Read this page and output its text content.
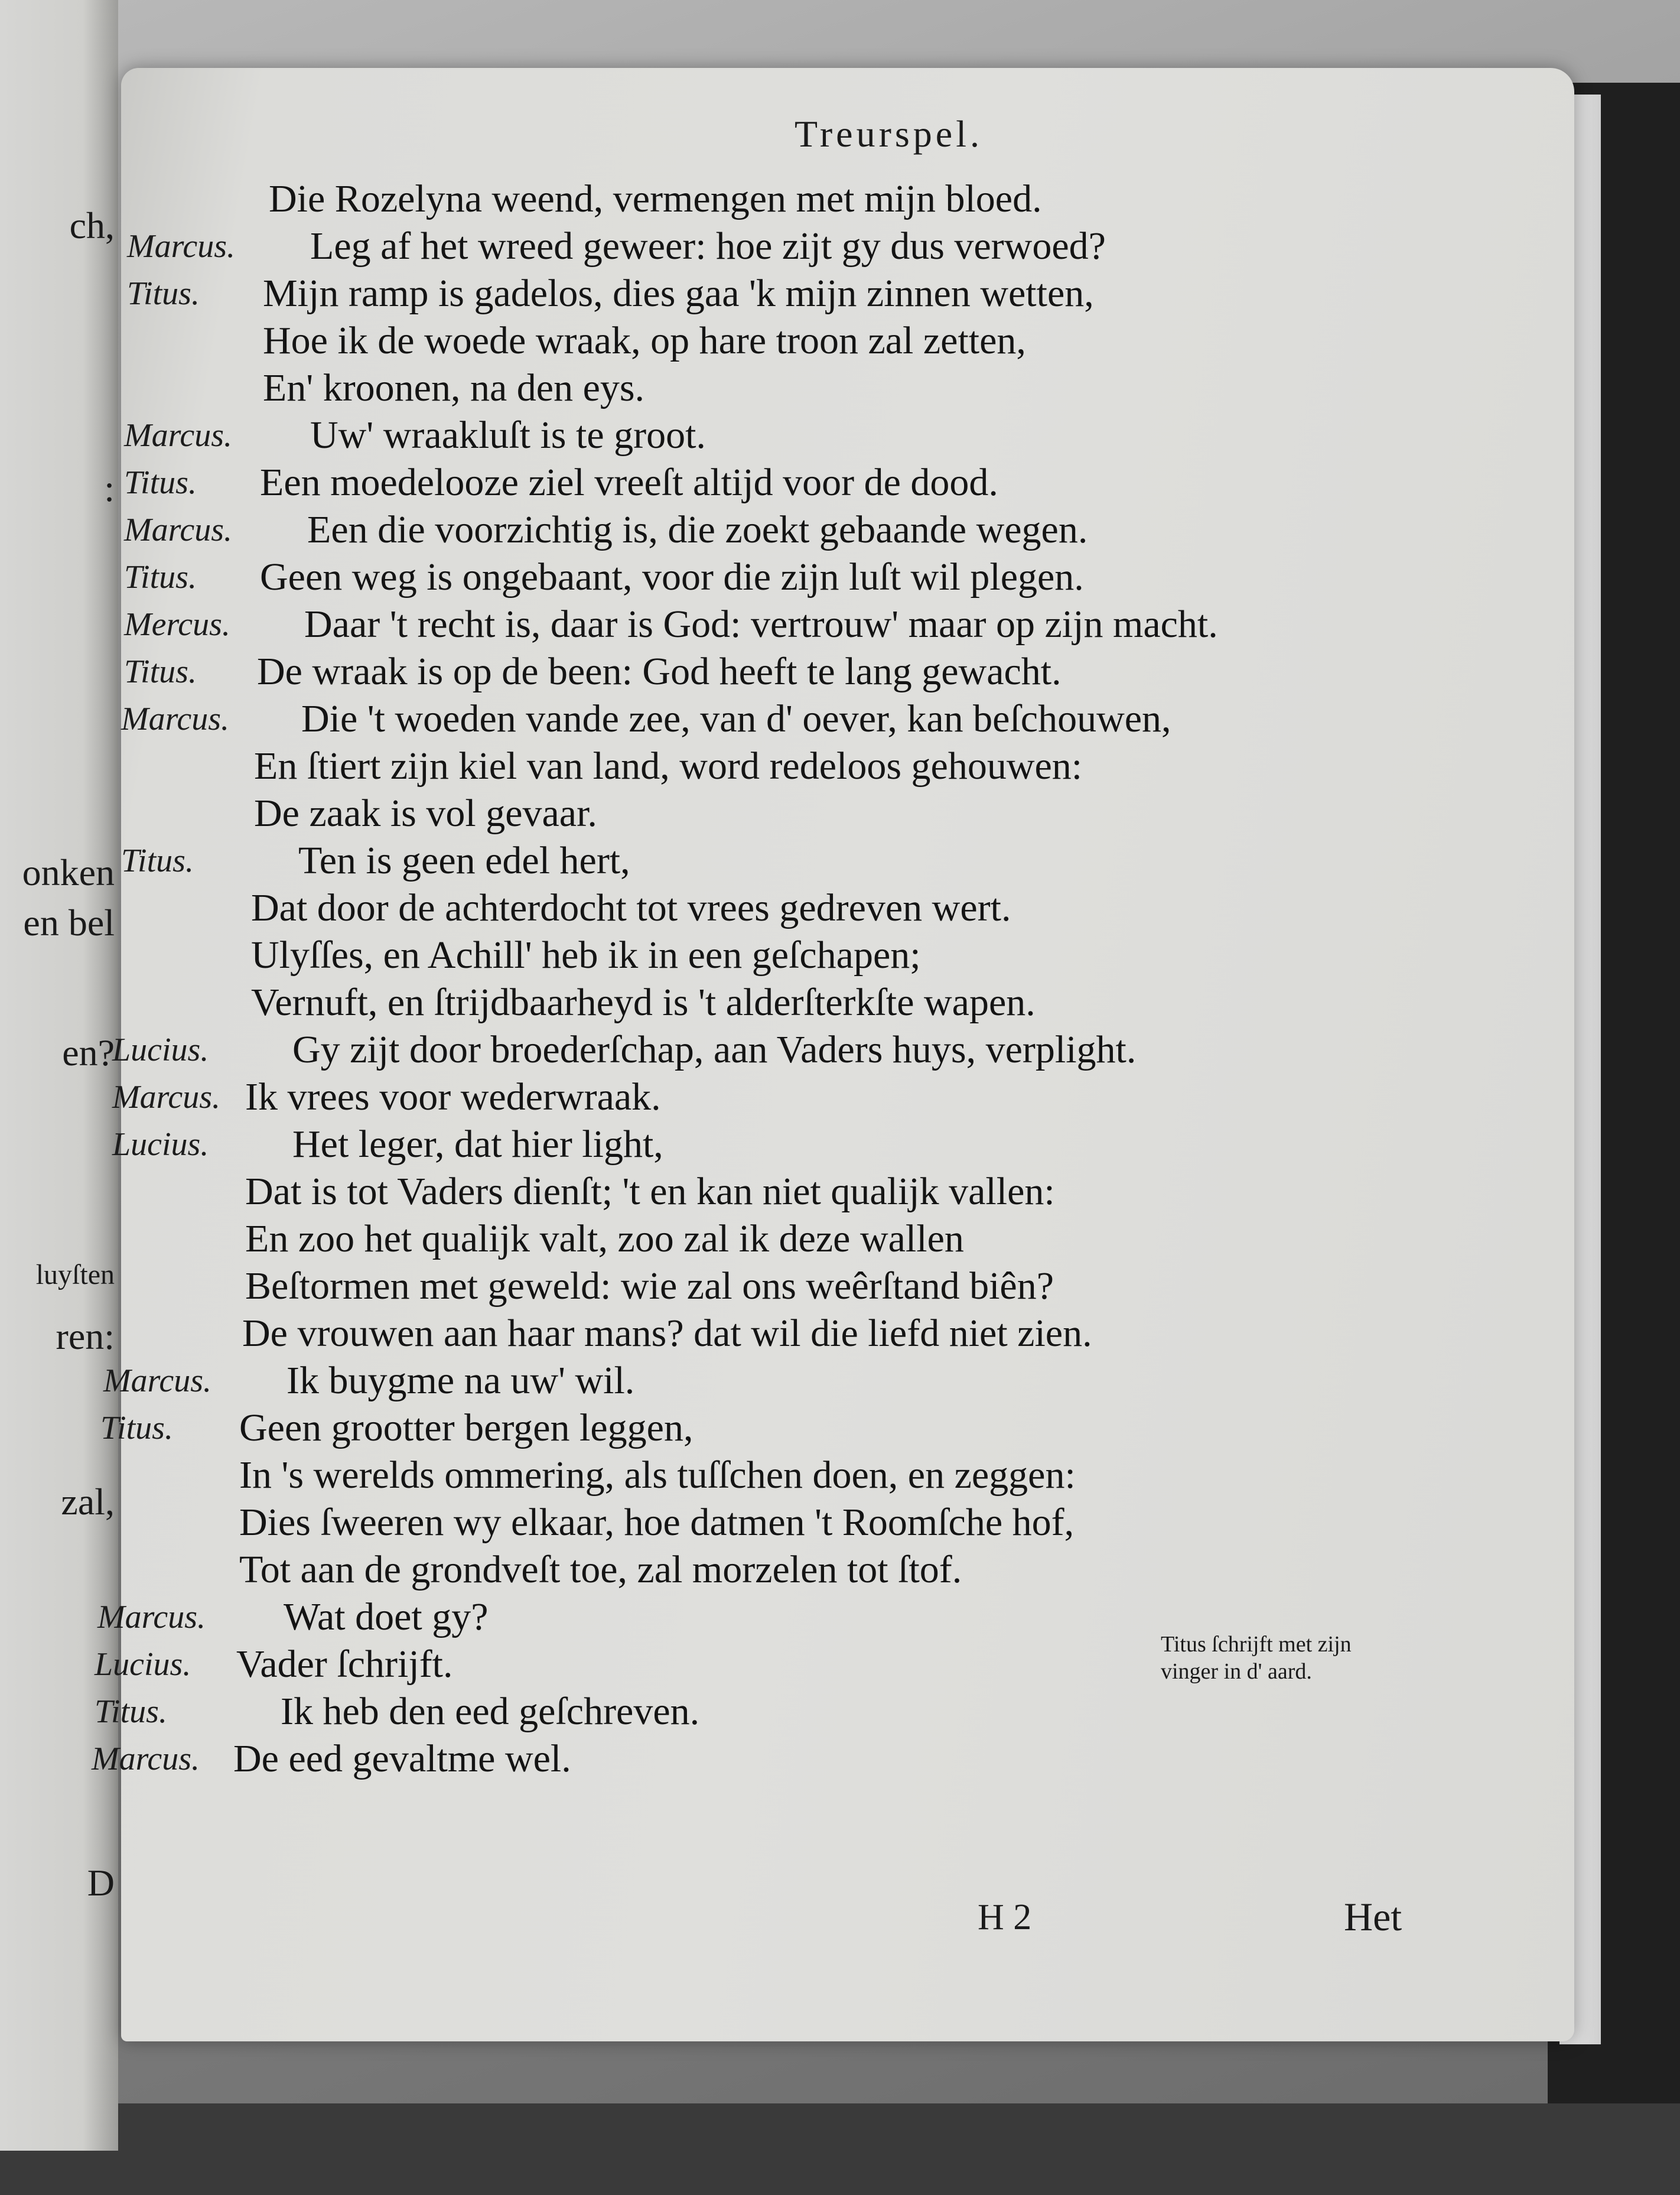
ch,
:
onken
en bel
en?
luyſten
ren:
zal,
D
Treurspel.
Die Rozelyna weend, vermengen met mijn bloed.
Marcus. Leg af het wreed geweer: hoe zijt gy dus verwoed?
Titus. Mijn ramp is gadelos, dies gaa 'k mijn zinnen wetten,
Hoe ik de woede wraak, op hare troon zal zetten,
En' kroonen, na den eys.
Marcus. Uw' wraakluſt is te groot.
Titus. Een moedelooze ziel vreeſt altijd voor de dood.
Marcus. Een die voorzichtig is, die zoekt gebaande wegen.
Titus. Geen weg is ongebaant, voor die zijn luſt wil plegen.
Mercus. Daar 't recht is, daar is God: vertrouw' maar op zijn macht.
Titus. De wraak is op de been: God heeft te lang gewacht.
Marcus. Die 't woeden vande zee, van d' oever, kan beſchouwen,
En ſtiert zijn kiel van land, word redeloos gehouwen:
De zaak is vol gevaar.
Titus.	Ten is geen edel hert,
Dat door de achterdocht tot vrees gedreven wert.
Ulyſſes, en Achill' heb ik in een geſchapen;
Vernuft, en ſtrijdbaarheyd is 't alderſterkſte wapen.
Lucius. Gy zijt door broederſchap, aan Vaders huys, verplight.
Marcus. Ik vrees voor wederwraak.
Lucius. Het leger, dat hier light,
Dat is tot Vaders dienſt; 't en kan niet qualijk vallen:
En zoo het qualijk valt, zoo zal ik deze wallen
Beſtormen met geweld: wie zal ons weêrſtand biên?
De vrouwen aan haar mans? dat wil die liefd niet zien.
Marcus. Ik buygme na uw' wil.
Titus. Geen grootter bergen leggen,
In 's werelds ommering, als tuſſchen doen, en zeggen:
Dies ſweeren wy elkaar, hoe datmen 't Roomſche hof,
Tot aan de grondveſt toe, zal morzelen tot ſtof.
Marcus. Wat doet gy?
Lucius. Vader ſchrijft.
Titus.	Ik heb den eed geſchreven.
Marcus. De eed gevaltme wel.
Titus ſchrijft met zijn
vinger in d' aard.
H 2	Het
